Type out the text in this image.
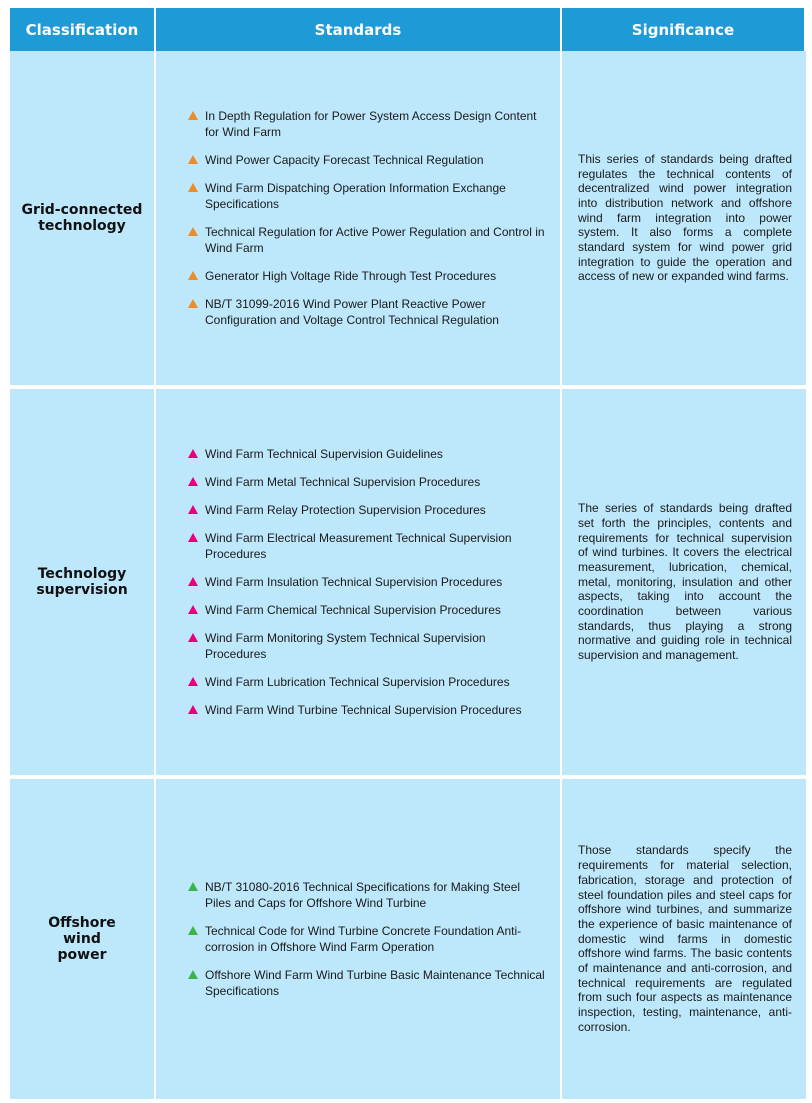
Classification	Standards	Significance
Grid-connected technology
In Depth Regulation for Power System Access Design Content for Wind Farm
Wind Power Capacity Forecast Technical Regulation
Wind Farm Dispatching Operation Information Exchange Specifications
Technical Regulation for Active Power Regulation and Control in Wind Farm
Generator High Voltage Ride Through Test Procedures
NB/T 31099-2016 Wind Power Plant Reactive Power Configuration and Voltage Control Technical Regulation
This series of standards being drafted regulates the technical contents of decentralized wind power integration into distribution network and offshore wind farm integration into power system. It also forms a complete standard system for wind power grid integration to guide the operation and access of new or expanded wind farms.
Technology supervision
Wind Farm Technical Supervision Guidelines
Wind Farm Metal Technical Supervision Procedures
Wind Farm Relay Protection Supervision Procedures
Wind Farm Electrical Measurement Technical Supervision Procedures
Wind Farm Insulation Technical Supervision Procedures
Wind Farm Chemical Technical Supervision Procedures
Wind Farm Monitoring System Technical Supervision Procedures
Wind Farm Lubrication Technical Supervision Procedures
Wind Farm Wind Turbine Technical Supervision Procedures
The series of standards being drafted set forth the principles, contents and requirements for technical supervision of wind turbines. It covers the electrical measurement, lubrication, chemical, metal, monitoring, insulation and other aspects, taking into account the coordination between various standards, thus playing a strong normative and guiding role in technical supervision and management.
Offshore wind power
NB/T 31080-2016 Technical Specifications for Making Steel Piles and Caps for Offshore Wind Turbine
Technical Code for Wind Turbine Concrete Foundation Anti-corrosion in Offshore Wind Farm Operation
Offshore Wind Farm Wind Turbine Basic Maintenance Technical Specifications
Those standards specify the requirements for material selection, fabrication, storage and protection of steel foundation piles and steel caps for offshore wind turbines, and summarize the experience of basic maintenance of domestic wind farms in domestic offshore wind farms. The basic contents of maintenance and anti-corrosion, and technical requirements are regulated from such four aspects as maintenance inspection, testing, maintenance, anti-corrosion.
